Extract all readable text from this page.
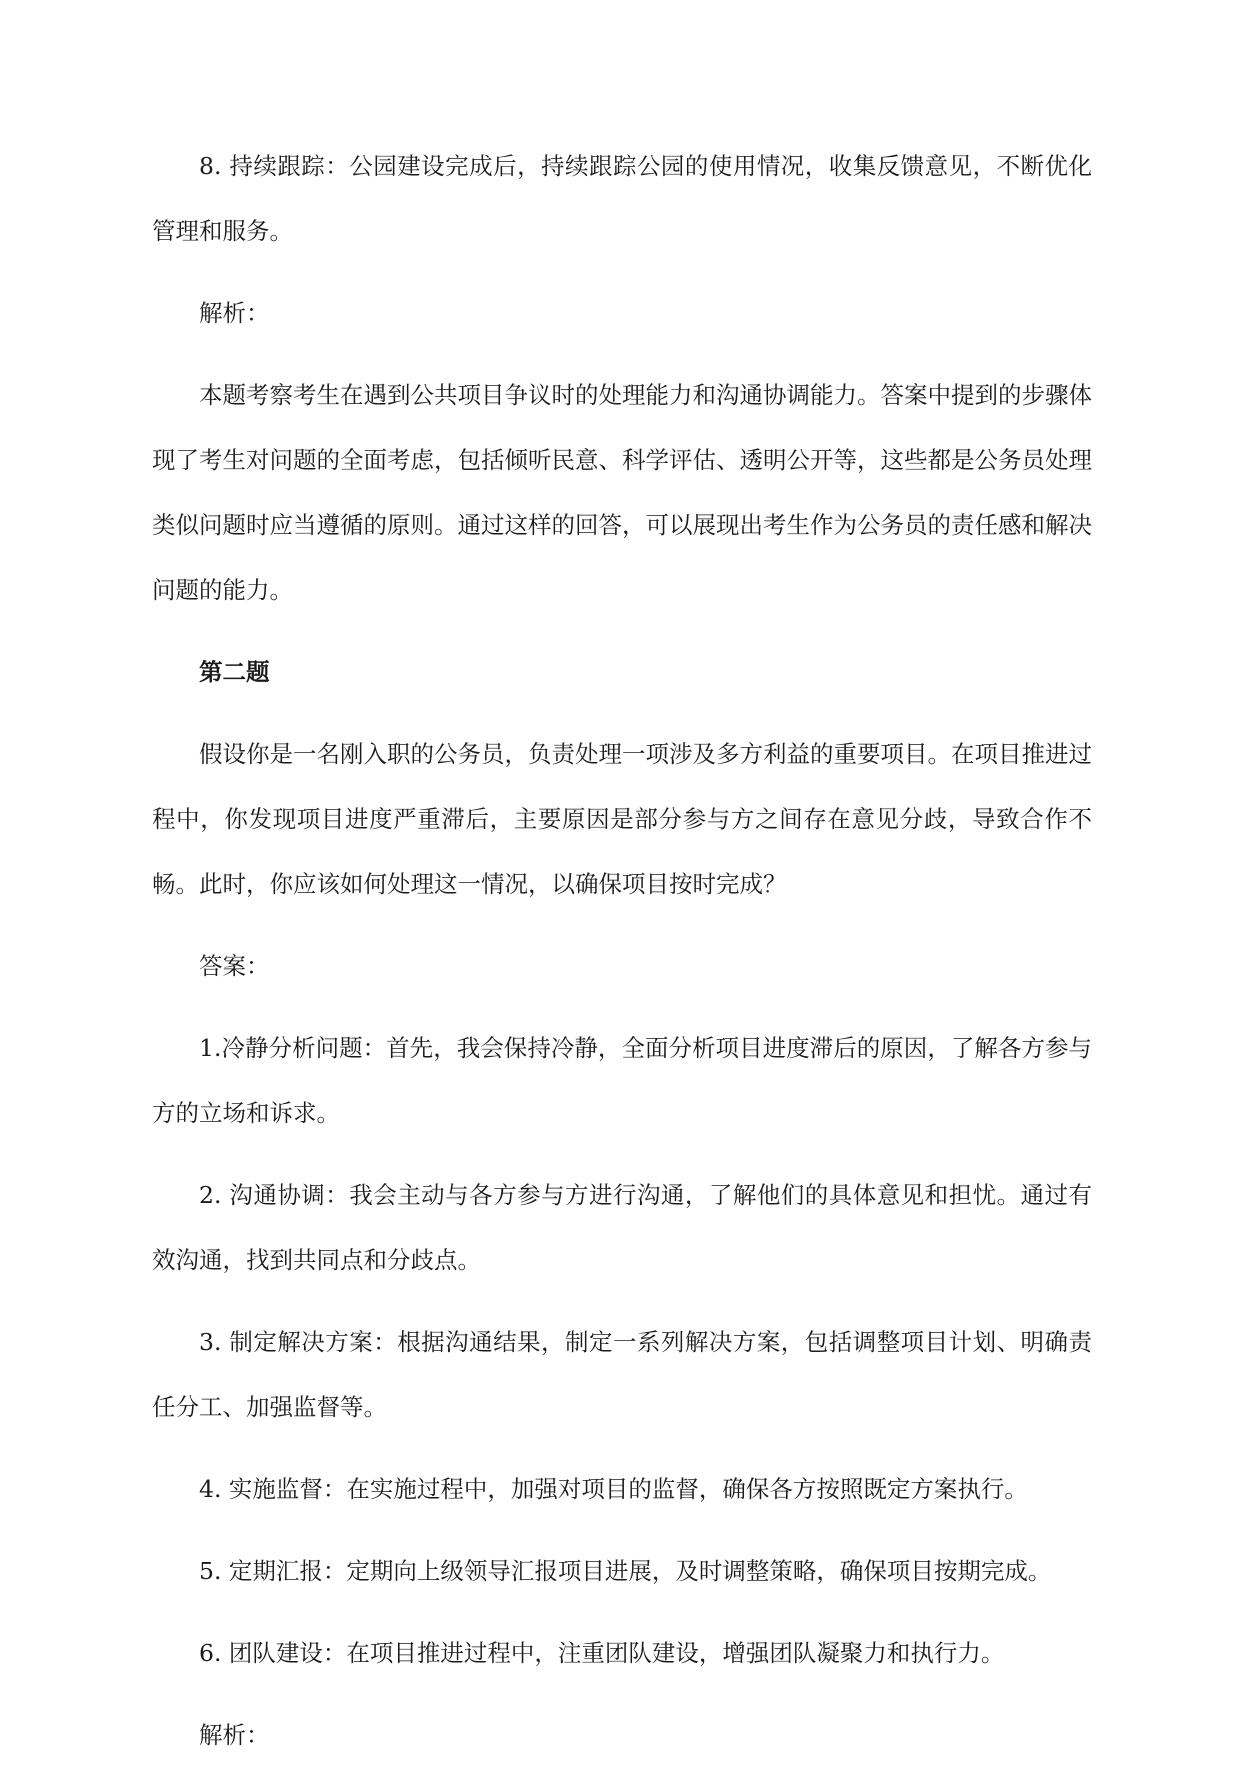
8. 持续跟踪：公园建设完成后，持续跟踪公园的使用情况，收集反馈意见，不断优化管理和服务。

解析：

本题考察考生在遇到公共项目争议时的处理能力和沟通协调能力。答案中提到的步骤体现了考生对问题的全面考虑，包括倾听民意、科学评估、透明公开等，这些都是公务员处理类似问题时应当遵循的原则。通过这样的回答，可以展现出考生作为公务员的责任感和解决问题的能力。

第二题

假设你是一名刚入职的公务员，负责处理一项涉及多方利益的重要项目。在项目推进过程中，你发现项目进度严重滞后，主要原因是部分参与方之间存在意见分歧，导致合作不畅。此时，你应该如何处理这一情况，以确保项目按时完成？

答案：

1.冷静分析问题：首先，我会保持冷静，全面分析项目进度滞后的原因，了解各方参与方的立场和诉求。

2. 沟通协调：我会主动与各方参与方进行沟通，了解他们的具体意见和担忧。通过有效沟通，找到共同点和分歧点。

3. 制定解决方案：根据沟通结果，制定一系列解决方案，包括调整项目计划、明确责任分工、加强监督等。

4. 实施监督：在实施过程中，加强对项目的监督，确保各方按照既定方案执行。

5. 定期汇报：定期向上级领导汇报项目进展，及时调整策略，确保项目按期完成。

6. 团队建设：在项目推进过程中，注重团队建设，增强团队凝聚力和执行力。

解析：
